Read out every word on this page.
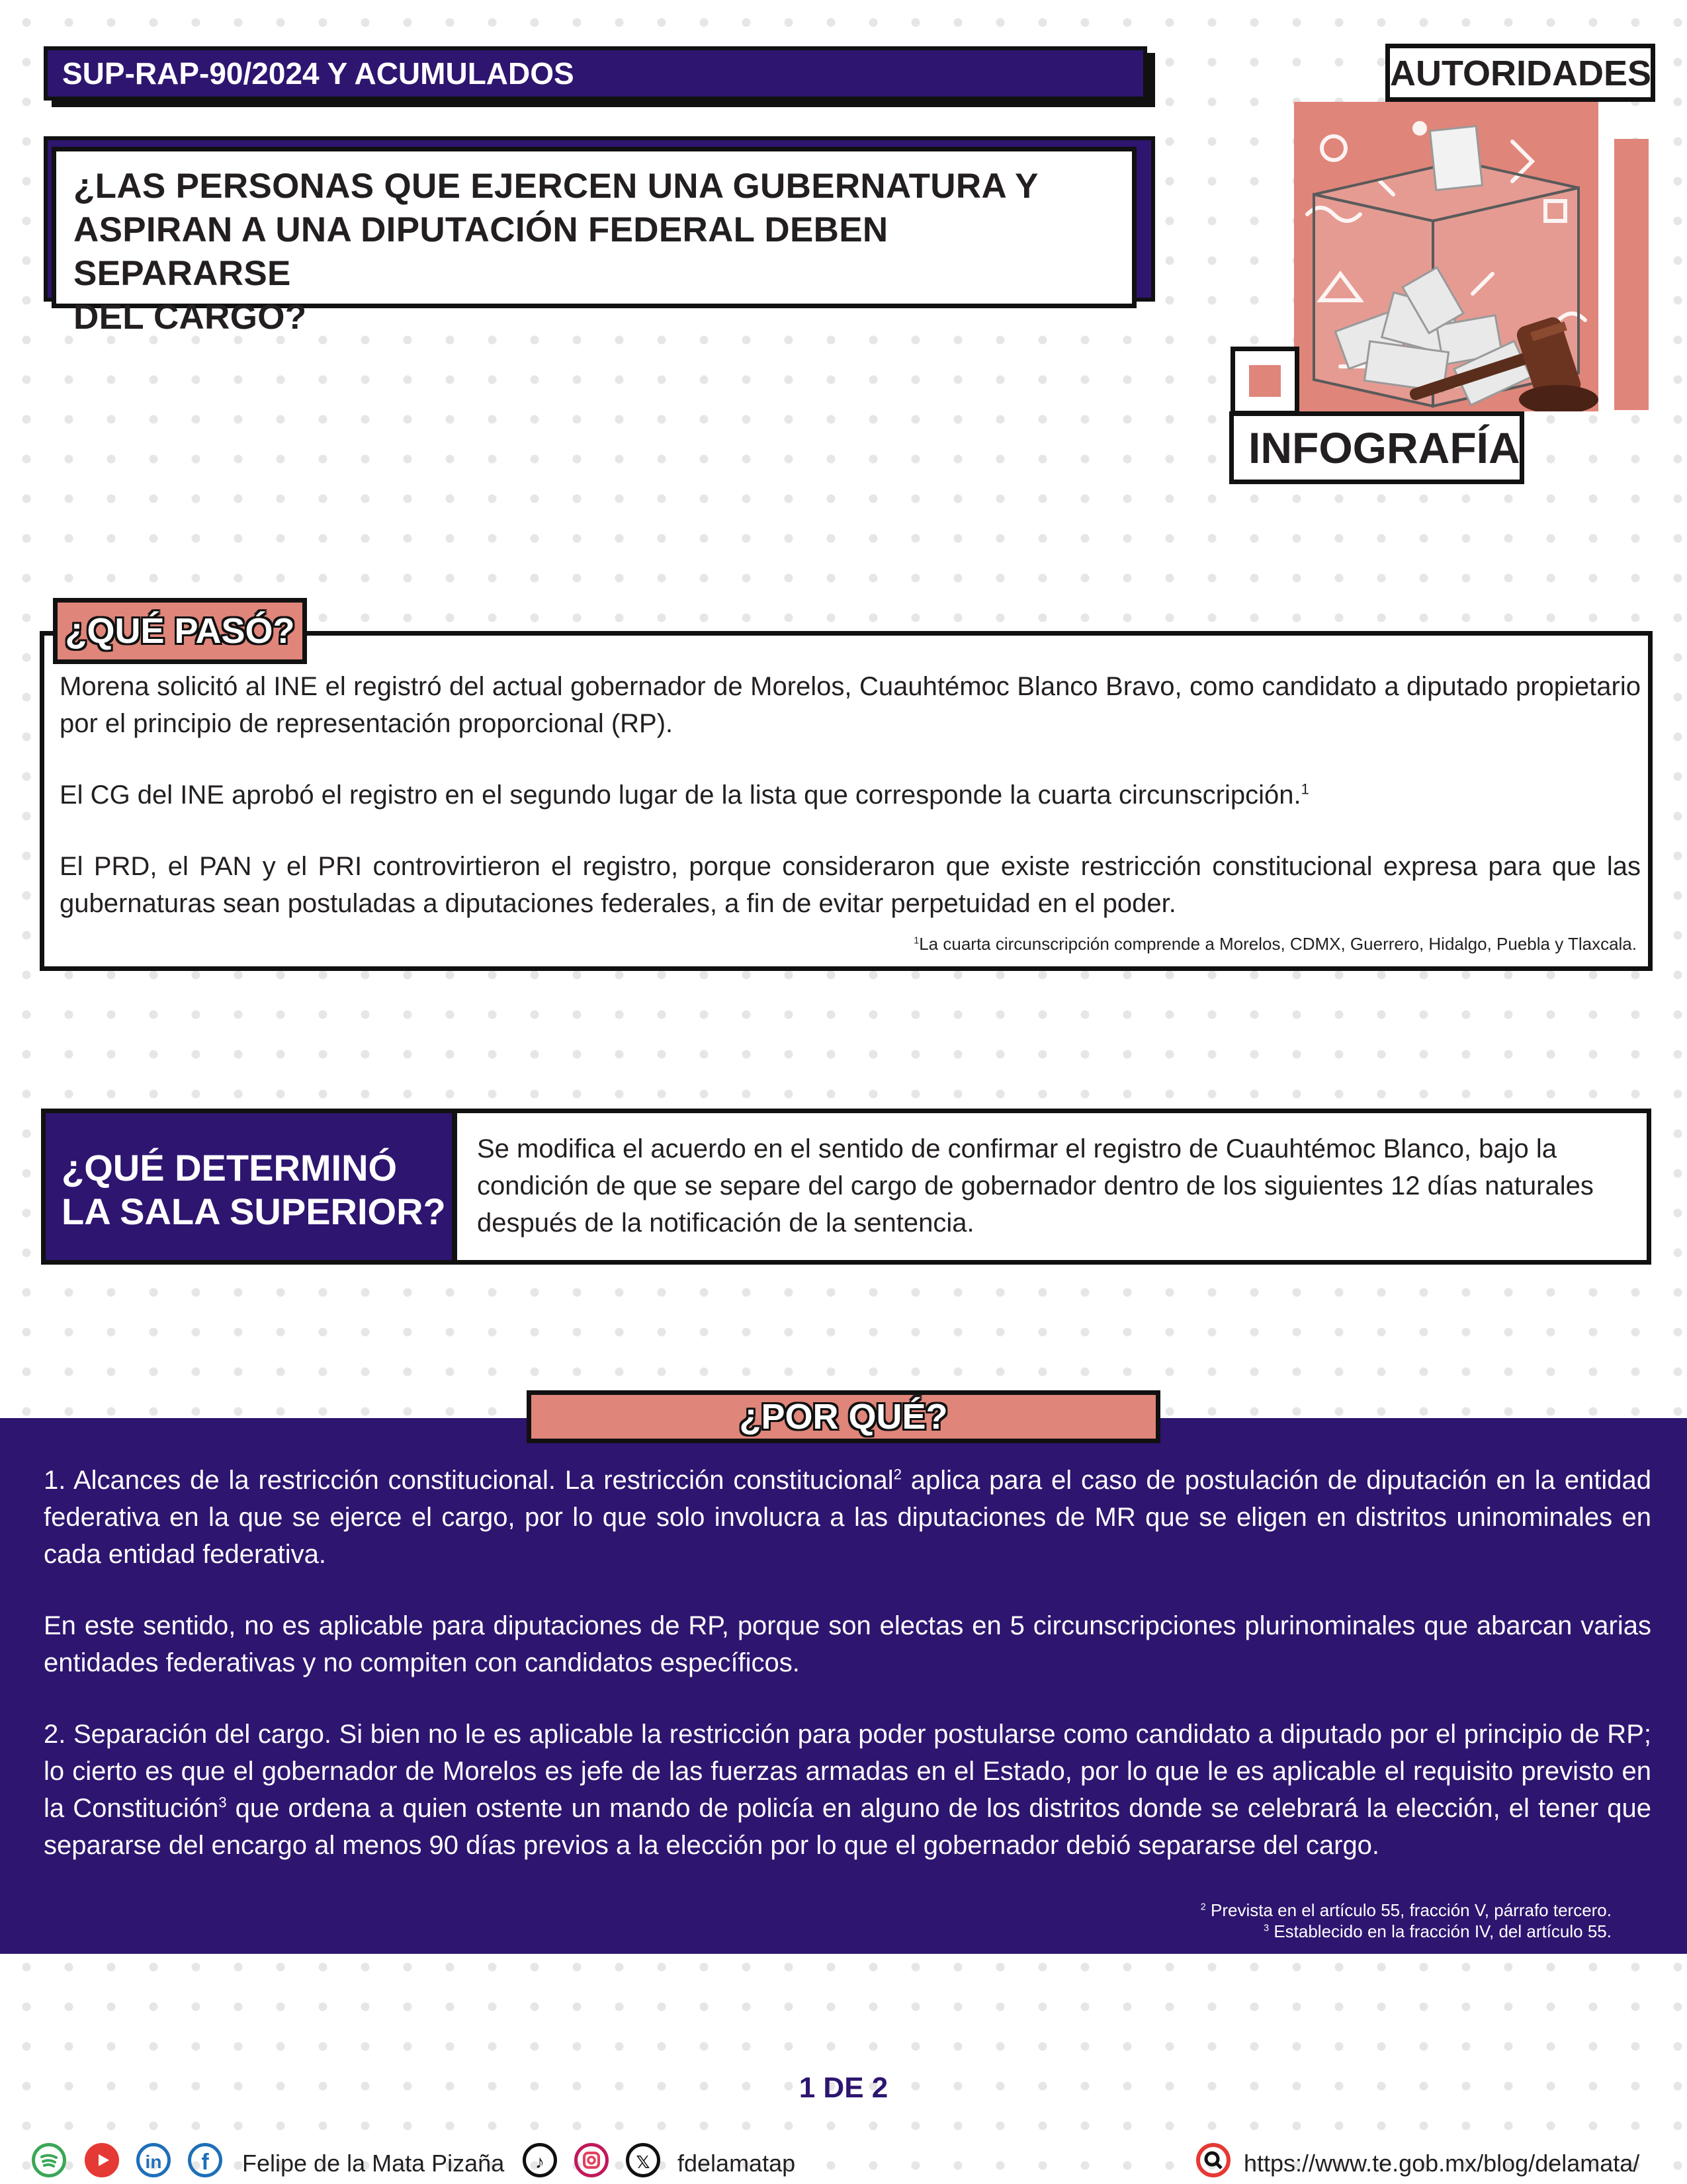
SUP-RAP-90/2024 Y ACUMULADOS
¿LAS PERSONAS QUE EJERCEN UNA GUBERNATURA Y
ASPIRAN A UNA DIPUTACIÓN FEDERAL DEBEN SEPARARSE
DEL CARGO?
AUTORIDADES
INFOGRAFÍA
¿QUÉ PASÓ?

Morena solicitó al INE el registró del actual gobernador de Morelos, Cuauhtémoc Blanco Bravo, como candidato a diputado propietario por el principio de representación proporcional (RP).

El CG del INE aprobó el registro en el segundo lugar de la lista que corresponde la cuarta circunscripción.$^1$

El PRD, el PAN y el PRI controvirtieron el registro, porque consideraron que existe restricción constitucional expresa para que las gubernaturas sean postuladas a diputaciones federales, a fin de evitar perpetuidad en el poder.

$^1$La cuarta circunscripción comprende a Morelos, CDMX, Guerrero, Hidalgo, Puebla y Tlaxcala.
¿QUÉ DETERMINÓ
LA SALA SUPERIOR?
Se modifica el acuerdo en el sentido de confirmar el registro de Cuauhtémoc Blanco, bajo la condición de que se separe del cargo de gobernador dentro de los siguientes 12 días naturales después de la notificación de la sentencia.
¿POR QUÉ?

1. Alcances de la restricción constitucional. La restricción constitucional$^2$ aplica para el caso de postulación de diputación en la entidad federativa en la que se ejerce el cargo, por lo que solo involucra a las diputaciones de MR que se eligen en distritos uninominales en cada entidad federativa.

En este sentido, no es aplicable para diputaciones de RP, porque son electas en 5 circunscripciones plurinominales que abarcan varias entidades federativas y no compiten con candidatos específicos.

2. Separación del cargo. Si bien no le es aplicable la restricción para poder postularse como candidato a diputado por el principio de RP; lo cierto es que el gobernador de Morelos es jefe de las fuerzas armadas en el Estado, por lo que le es aplicable el requisito previsto en la Constitución$^3$ que ordena a quien ostente un mando de policía en alguno de los distritos donde se celebrará la elección, el tener que separarse del encargo al menos 90 días previos a la elección por lo que el gobernador debió separarse del cargo.

$^2$ Prevista en el artículo 55, fracción V, párrafo tercero.
$^3$ Establecido en la fracción IV, del artículo 55.
1 DE 2
in	f	Felipe de la Mata Pizaña	♪	𝕏	fdelamatap	https://www.te.gob.mx/blog/delamata/
